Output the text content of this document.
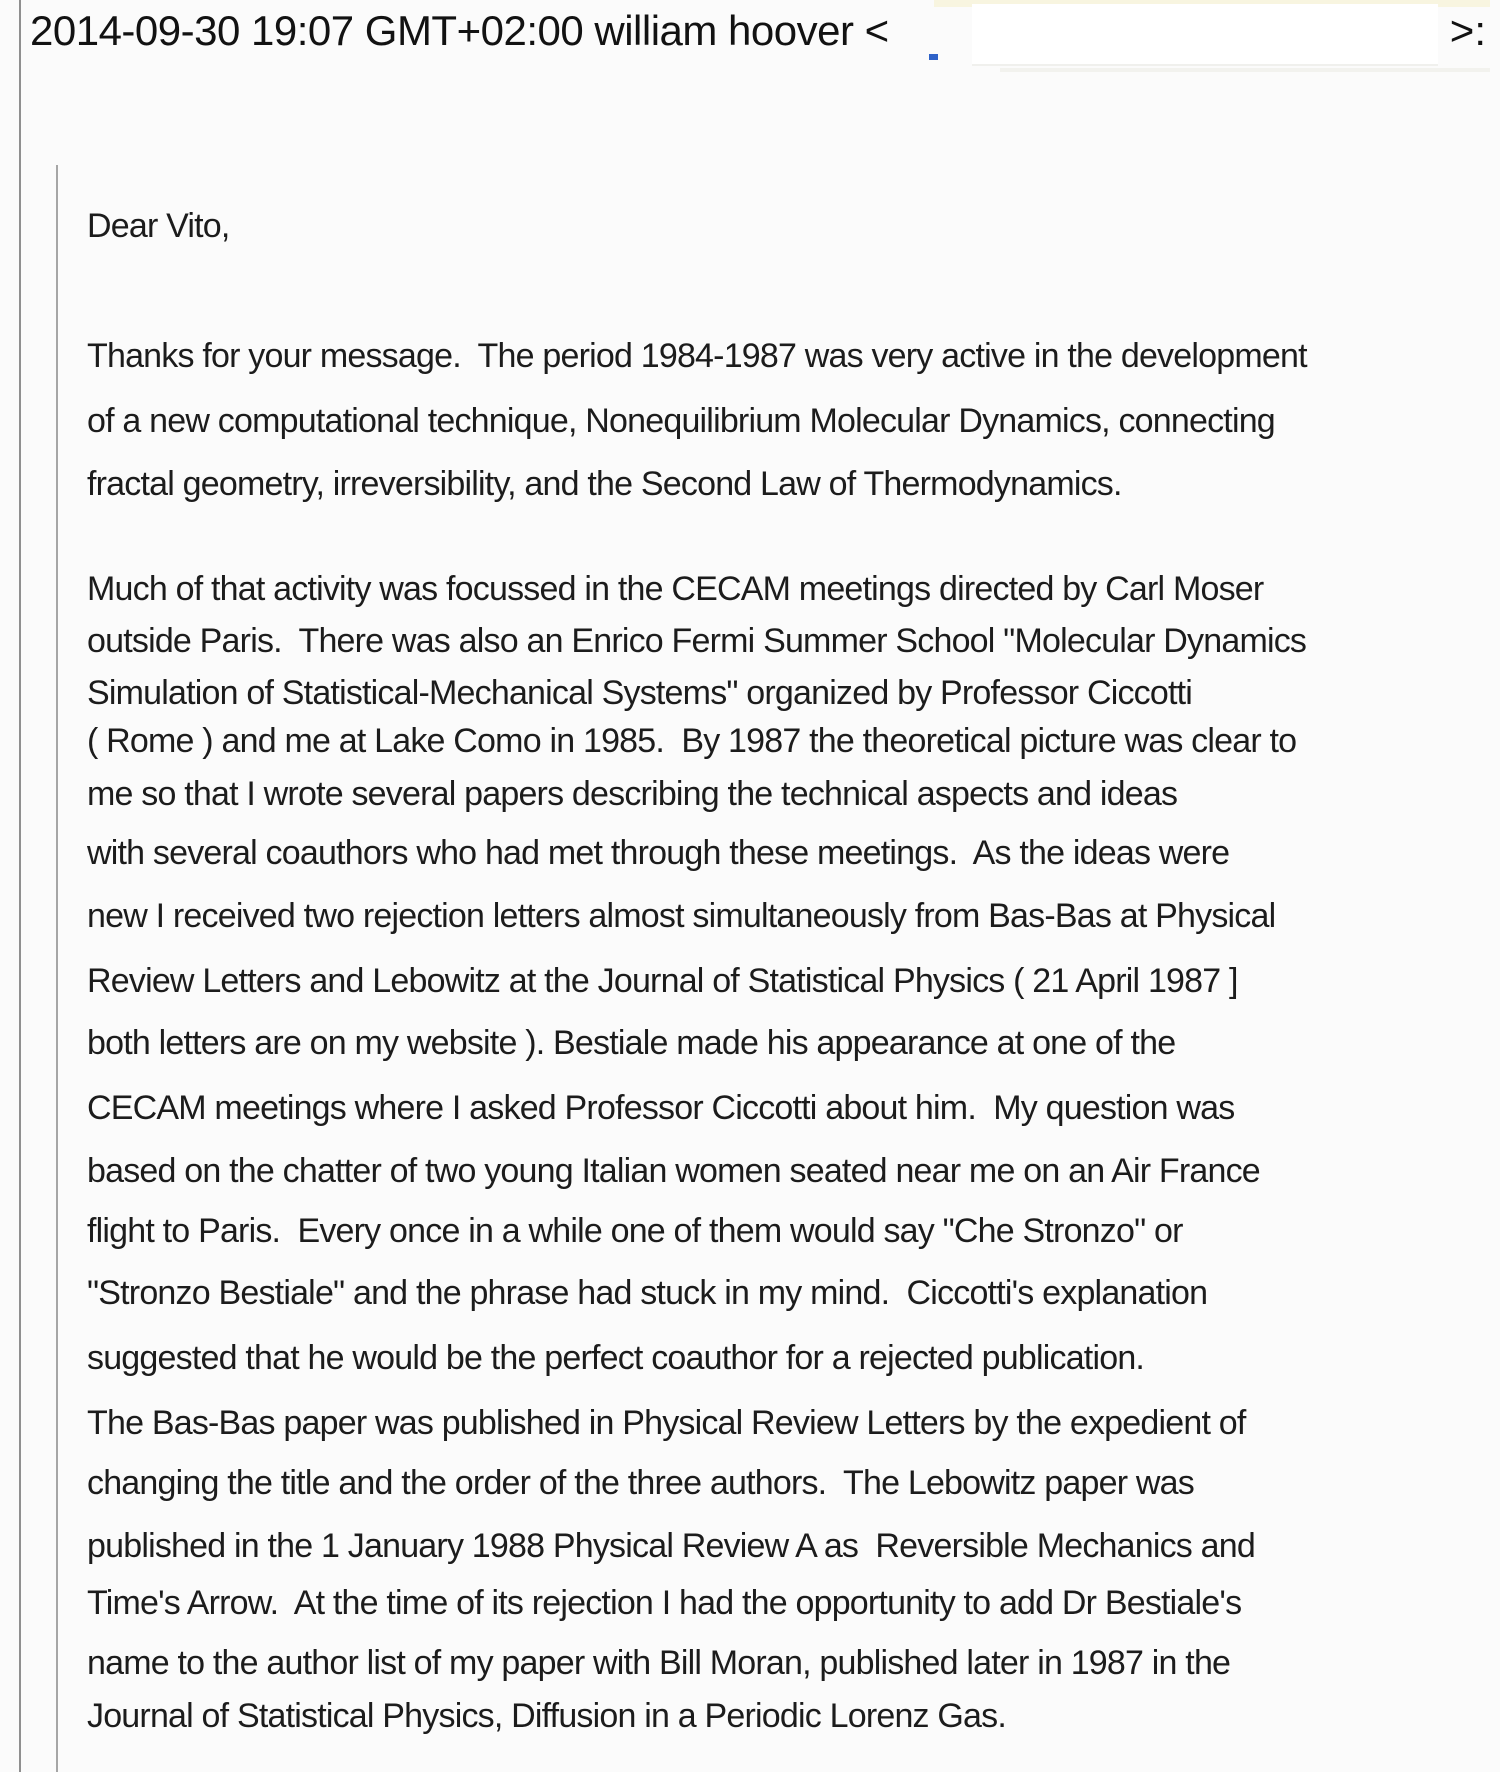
2014-09-30 19:07 GMT+02:00 william hoover <	>:
Dear Vito,
Thanks for your message.  The period 1984-1987 was very active in the development
of a new computational technique, Nonequilibrium Molecular Dynamics, connecting
fractal geometry, irreversibility, and the Second Law of Thermodynamics.
Much of that activity was focussed in the CECAM meetings directed by Carl Moser
outside Paris.  There was also an Enrico Fermi Summer School "Molecular Dynamics
Simulation of Statistical-Mechanical Systems" organized by Professor Ciccotti
( Rome ) and me at Lake Como in 1985.  By 1987 the theoretical picture was clear to
me so that I wrote several papers describing the technical aspects and ideas
with several coauthors who had met through these meetings.  As the ideas were
new I received two rejection letters almost simultaneously from Bas-Bas at Physical
Review Letters and Lebowitz at the Journal of Statistical Physics ( 21 April 1987 ]
both letters are on my website ). Bestiale made his appearance at one of the
CECAM meetings where I asked Professor Ciccotti about him.  My question was
based on the chatter of two young Italian women seated near me on an Air France
flight to Paris.  Every once in a while one of them would say "Che Stronzo" or
"Stronzo Bestiale" and the phrase had stuck in my mind.  Ciccotti's explanation
suggested that he would be the perfect coauthor for a rejected publication.
The Bas-Bas paper was published in Physical Review Letters by the expedient of
changing the title and the order of the three authors.  The Lebowitz paper was
published in the 1 January 1988 Physical Review A as  Reversible Mechanics and
Time's Arrow.  At the time of its rejection I had the opportunity to add Dr Bestiale's
name to the author list of my paper with Bill Moran, published later in 1987 in the
Journal of Statistical Physics, Diffusion in a Periodic Lorenz Gas.
